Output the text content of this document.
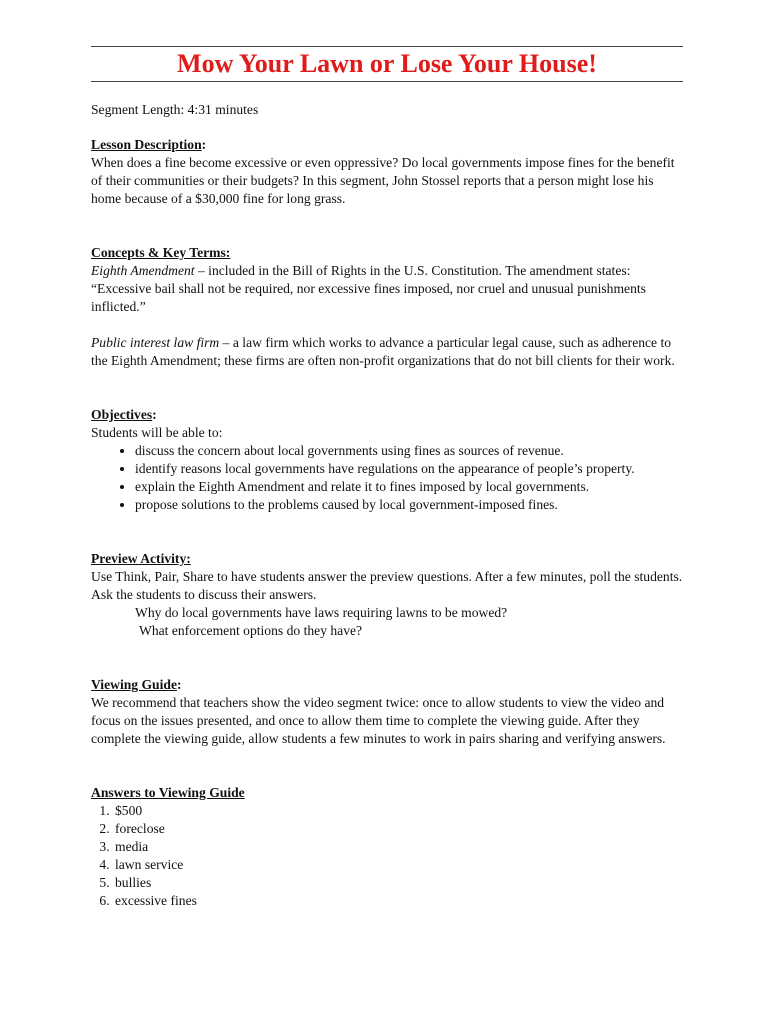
Mow Your Lawn or Lose Your House!
Segment Length: 4:31 minutes
Lesson Description:

When does a fine become excessive or even oppressive? Do local governments impose fines for the benefit of their communities or their budgets? In this segment, John Stossel reports that a person might lose his home because of a $30,000 fine for long grass.

Concepts & Key Terms:

Eighth Amendment – included in the Bill of Rights in the U.S. Constitution. The amendment states: “Excessive bail shall not be required, nor excessive fines imposed, nor cruel and unusual punishments inflicted.”

Public interest law firm – a law firm which works to advance a particular legal cause, such as adherence to the Eighth Amendment; these firms are often non-profit organizations that do not bill clients for their work.

Objectives:

Students will be able to:

• discuss the concern about local governments using fines as sources of revenue.
• identify reasons local governments have regulations on the appearance of people’s property.
• explain the Eighth Amendment and relate it to fines imposed by local governments.
• propose solutions to the problems caused by local government-imposed fines.
Preview Activity:

Use Think, Pair, Share to have students answer the preview questions. After a few minutes, poll the students. Ask the students to discuss their answers.

Why do local governments have laws requiring lawns to be mowed?

What enforcement options do they have?

Viewing Guide:

We recommend that teachers show the video segment twice: once to allow students to view the video and focus on the issues presented, and once to allow them time to complete the viewing guide. After they complete the viewing guide, allow students a few minutes to work in pairs sharing and verifying answers.

Answers to Viewing Guide
1. $500
2. foreclose
3. media
4. lawn service
5. bullies
6. excessive fines
